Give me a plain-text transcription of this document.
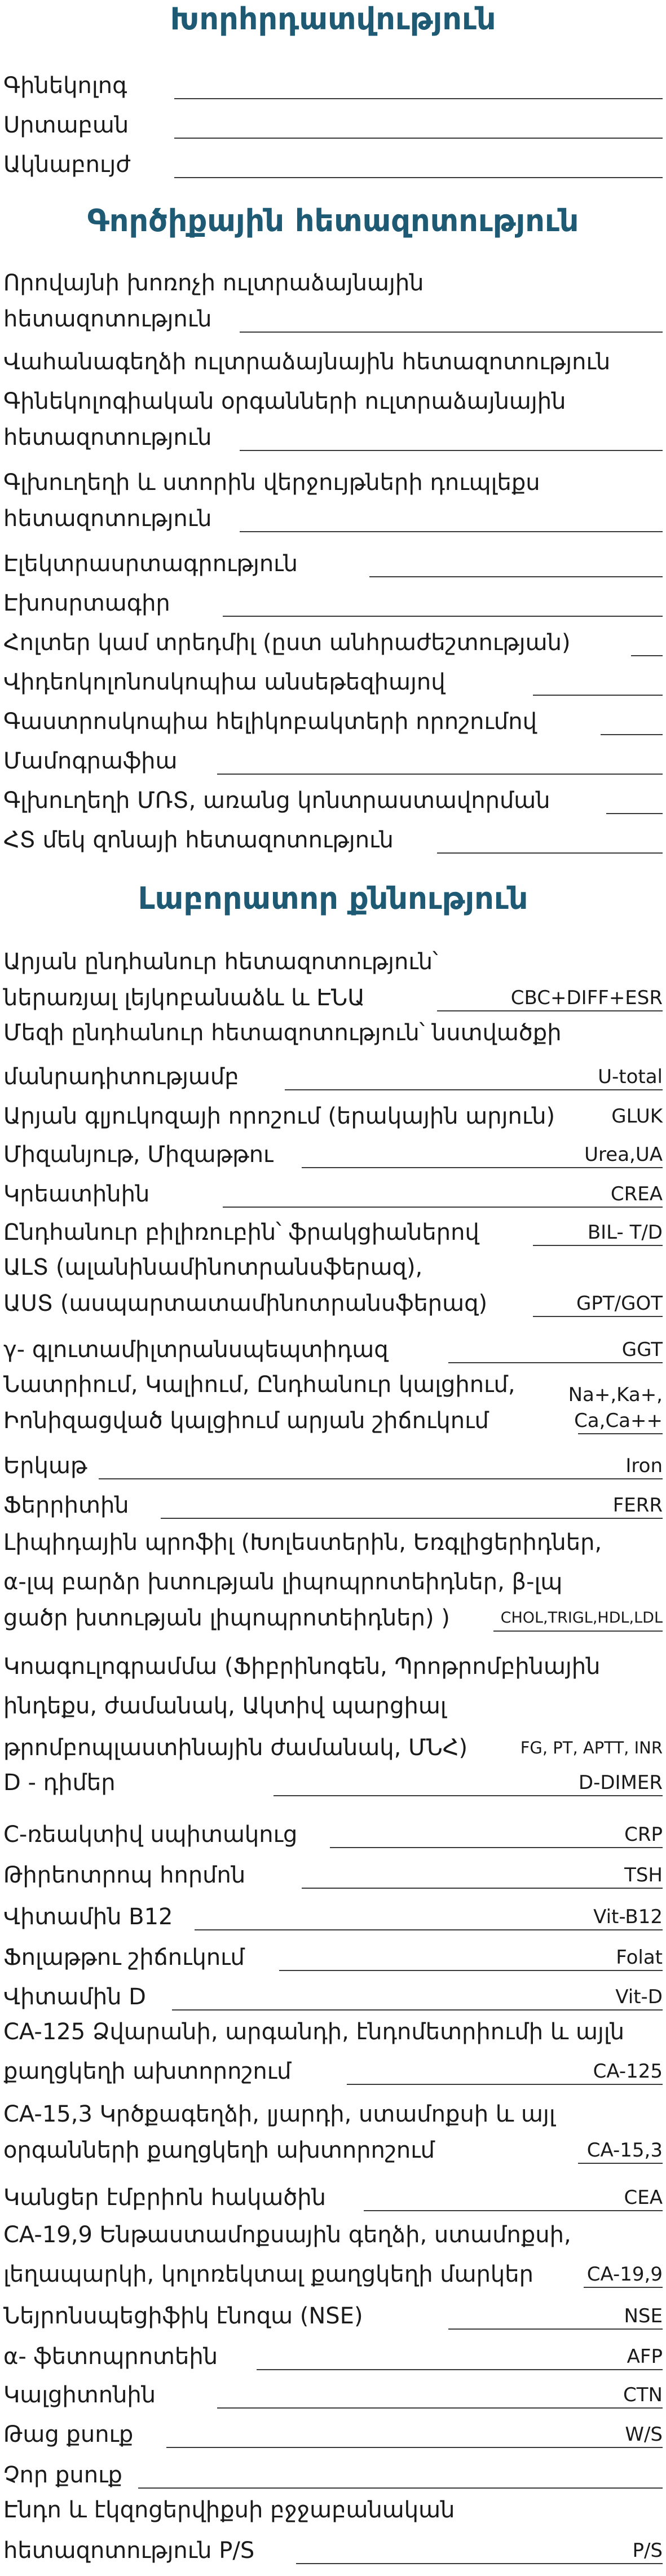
Խորհրդատվություն
Գինեկոլոգ
Սրտաբան
Ակնաբույժ
Գործիքային հետազոտություն
Որովայնի խոռոչի ուլտրաձայնային
հետազոտություն
Վահանագեղձի ուլտրաձայնային հետազոտություն
Գինեկոլոգիական օրգանների ուլտրաձայնային
հետազոտություն
Գլխուղեղի և ստորին վերջույթների դուպլեքս
հետազոտություն
Էլեկտրասրտագրություն
Էխոսրտագիր
Հոլտեր կամ տրեդմիլ (ըստ անհրաժեշտության)
Վիդեոկոլոնոսկոպիա անսեթեզիայով
Գաստրոսկոպիա հելիկոբակտերի որոշումով
Մամոգրաֆիա
Գլխուղեղի ՄՌՏ, առանց կոնտրաստավորման
ՀՏ մեկ զոնայի հետազոտություն
Լաբորատոր քննություն
Արյան ընդհանուր հետազոտություն՝
ներառյալ լեյկոբանաձև և ԷՆԱ	CBC+DIFF+ESR
Մեզի ընդհանուր հետազոտություն՝ նստվածքի
մանրադիտությամբ	U-total
Արյան գլյուկոզայի որոշում (երակային արյուն)	GLUK
Միզանյութ, Միզաթթու	Urea,UA
Կրեատինին	CREA
Ընդհանուր բիլիռուբին՝ ֆրակցիաներով	BIL- T/D
ԱԼՏ (ալանինամինոտրանսֆերազ),
ԱՍՏ (ասպարտատամինոտրանսֆերազ)	GPT/GOT
γ- գլուտամիլտրանսպեպտիդազ	GGT
Նատրիում, Կալիում, Ընդհանուր կալցիում,
Իոնիզացված կալցիում արյան շիճուկում
Na+,Ka+,
Ca,Ca++
Երկաթ	Iron
Ֆերրիտին	FERR
Լիպիդային պրոֆիլ (Խոլեստերին, Եռգլիցերիդներ,
α-լպ բարձր խտության լիպոպրոտեիդներ, β-լպ
ցածր խտության լիպոպրոտեիդներ) )	CHOL,TRIGL,HDL,LDL
Կոագուլոգրամմա (Ֆիբրինոգեն, Պրոթրոմբինային
ինդեքս, ժամանակ, Ակտիվ պարցիալ
թրոմբոպլաստինային ժամանակ, ՄՆՀ)	FG, PT, APTT, INR
D - դիմեր	D-DIMER
C-ռեակտիվ սպիտակուց	CRP
Թիրեոտրոպ հորմոն	TSH
Վիտամին B12	Vit-B12
Ֆոլաթթու շիճուկում	Folat
Վիտամին D	Vit-D
CA-125 Ձվարանի, արգանդի, էնդոմետրիումի և այլն
քաղցկեղի ախտորոշում	CA-125
CA-15,3 Կրծքագեղձի, լյարդի, ստամոքսի և այլ
օրգանների քաղցկեղի ախտորոշում	CA-15,3
Կանցեր էմբրիոն հակածին	CEA
CA-19,9 Ենթաստամոքսային գեղձի, ստամոքսի,
լեղապարկի, կոլոռեկտալ քաղցկեղի մարկեր	CA-19,9
Նեյրոնսպեցիֆիկ էնոզա (NSE)	NSE
α- ֆետոպրոտեին	AFP
Կալցիտոնին	CTN
Թաց քսուք	W/S
Չոր քսուք
Էնդո և էկզոցերվիքսի բջջաբանական
հետազոտություն P/S	P/S
